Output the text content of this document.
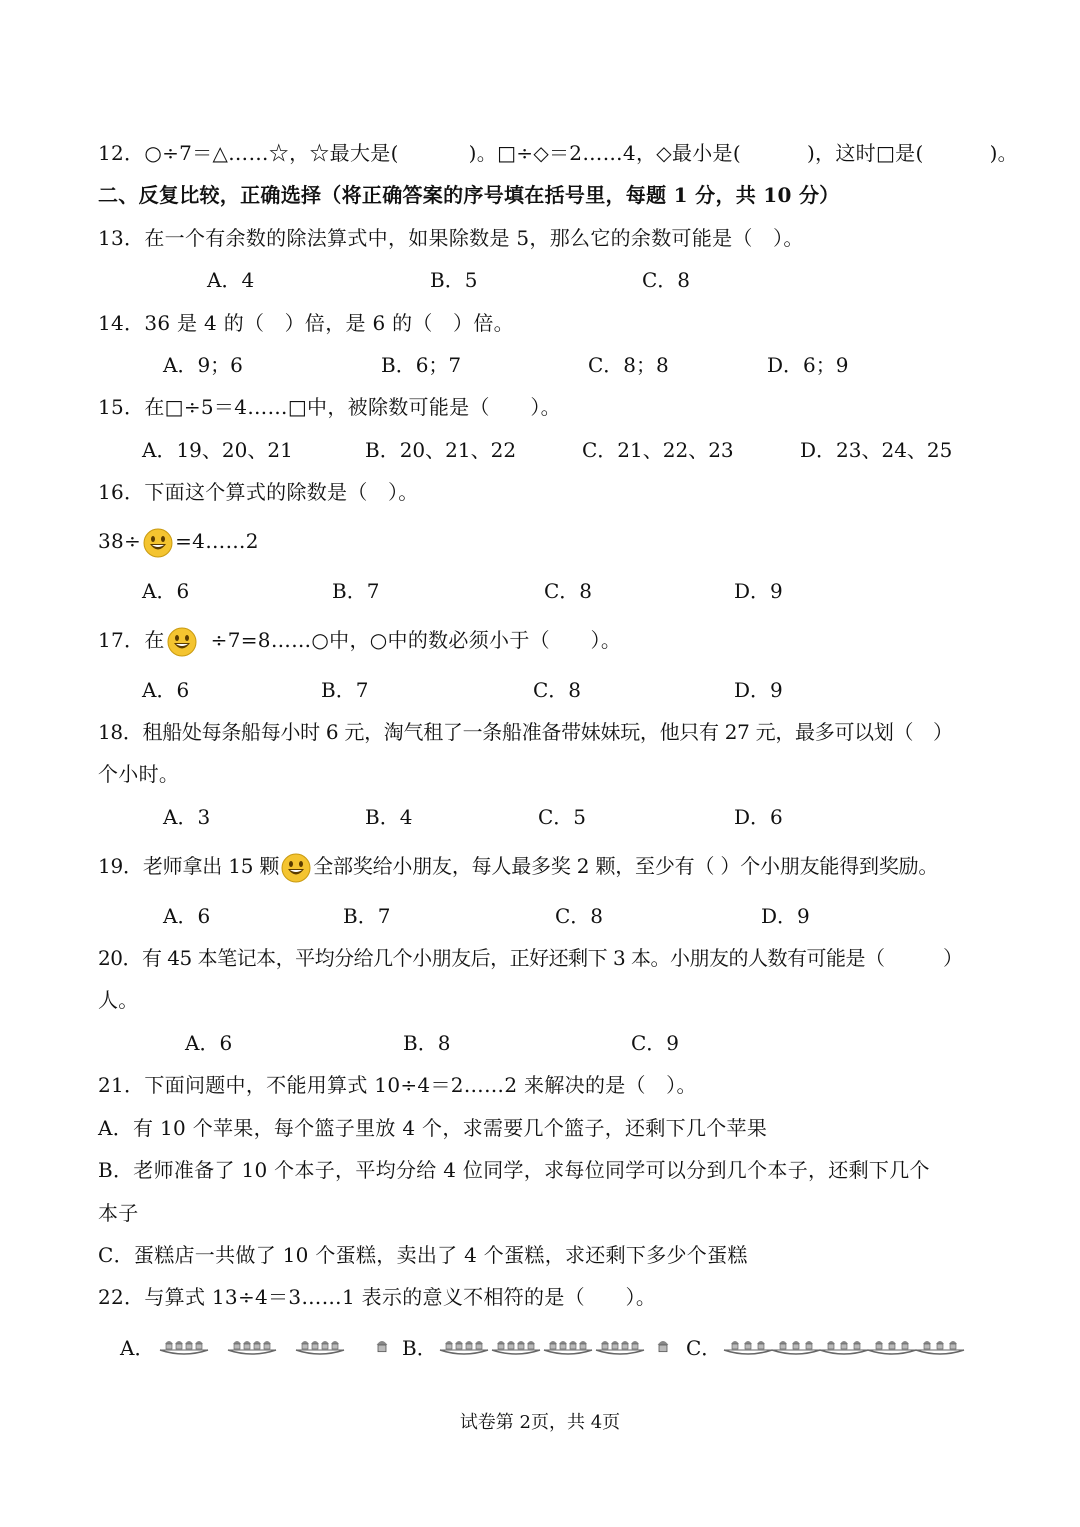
12．○÷7＝△……☆，☆最大是(	)。□÷◇＝2……4，◇最小是(	)，这时□是(	)。
二、反复比较，正确选择（将正确答案的序号填在括号里，每题 1 分，共 10 分）
13．在一个有余数的除法算式中，如果除数是 5，那么它的余数可能是（　）。
A．4	B．5	C．8
14．36 是 4 的（　）倍，是 6 的（　）倍。
A．9；6	B．6；7	C．8；8	D．6；9
15．在□÷5＝4……□中，被除数可能是（　　）。
A．19、20、21	B．20、21、22	C．21、22、23	D．23、24、25
16．下面这个算式的除数是（　）。
38÷ =4……2
A．6	B．7	C．8	D．9
17．在 ÷7=8……○中，○中的数必须小于（　　）。
A．6	B．7	C．8	D．9
18．租船处每条船每小时 6 元，淘气租了一条船准备带妹妹玩，他只有 27 元，最多可以划（　）
个小时。
A．3	B．4	C．5	D．6
19．老师拿出 15 颗 全部奖给小朋友，每人最多奖 2 颗，至少有（ ）个小朋友能得到奖励。
A．6	B．7	C．8	D．9
20．有 45 本笔记本，平均分给几个小朋友后，正好还剩下 3 本。小朋友的人数有可能是（　　　）
人。
A．6	B．8	C．9
21．下面问题中，不能用算式 10÷4＝2……2 来解决的是（　）。
A．有 10 个苹果，每个篮子里放 4 个，求需要几个篮子，还剩下几个苹果
B．老师准备了 10 个本子，平均分给 4 位同学，求每位同学可以分到几个本子，还剩下几个
本子
C．蛋糕店一共做了 10 个蛋糕，卖出了 4 个蛋糕，求还剩下多少个蛋糕
22．与算式 13÷4＝3……1 表示的意义不相符的是（　　）。
A．	B．	C．
试卷第 2页，共 4页
